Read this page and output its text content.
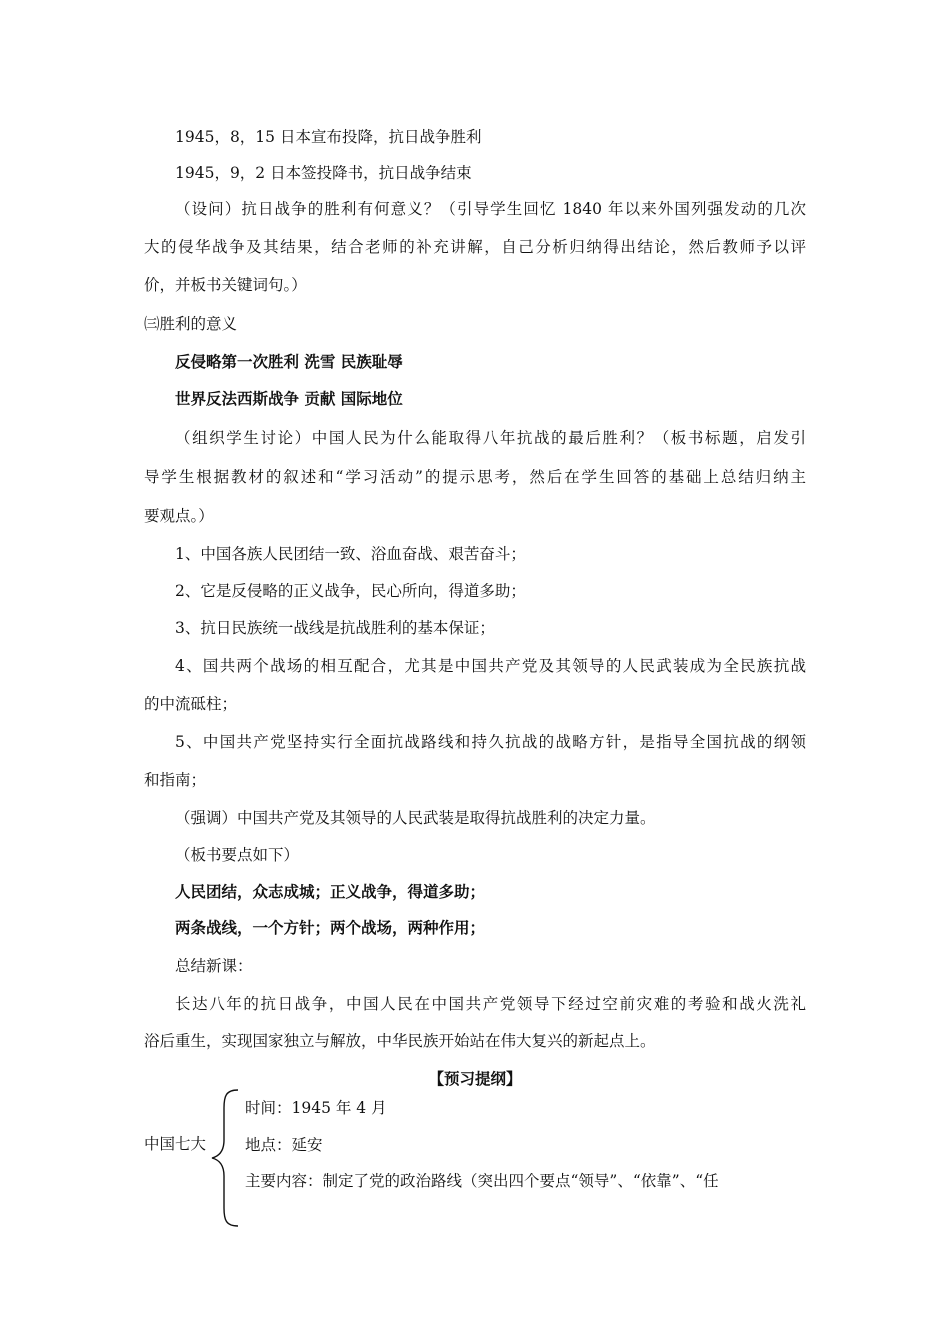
1945，8，15 日本宣布投降，抗日战争胜利
1945，9，2 日本签投降书，抗日战争结束
（设问）抗日战争的胜利有何意义？（引导学生回忆 1840 年以来外国列强发动的几次
大的侵华战争及其结果，结合老师的补充讲解，自己分析归纳得出结论，然后教师予以评
价，并板书关键词句。）
㈢胜利的意义
反侵略第一次胜利 洗雪 民族耻辱
世界反法西斯战争 贡献 国际地位
（组织学生讨论）中国人民为什么能取得八年抗战的最后胜利？（板书标题，启发引
导学生根据教材的叙述和“学习活动”的提示思考，然后在学生回答的基础上总结归纳主
要观点。）
1、中国各族人民团结一致、浴血奋战、艰苦奋斗；
2、它是反侵略的正义战争，民心所向，得道多助；
3、抗日民族统一战线是抗战胜利的基本保证；
4、国共两个战场的相互配合，尤其是中国共产党及其领导的人民武装成为全民族抗战
的中流砥柱；
5、中国共产党坚持实行全面抗战路线和持久抗战的战略方针，是指导全国抗战的纲领
和指南；
（强调）中国共产党及其领导的人民武装是取得抗战胜利的决定力量。
（板书要点如下）
人民团结，众志成城；正义战争，得道多助；
两条战线，一个方针；两个战场，两种作用；
总结新课：
长达八年的抗日战争，中国人民在中国共产党领导下经过空前灾难的考验和战火洗礼
浴后重生，实现国家独立与解放，中华民族开始站在伟大复兴的新起点上。
【预习提纲】
中国七大
时间：1945 年 4 月
地点：延安
主要内容：制定了党的政治路线（突出四个要点“领导”、“依靠”、“任
